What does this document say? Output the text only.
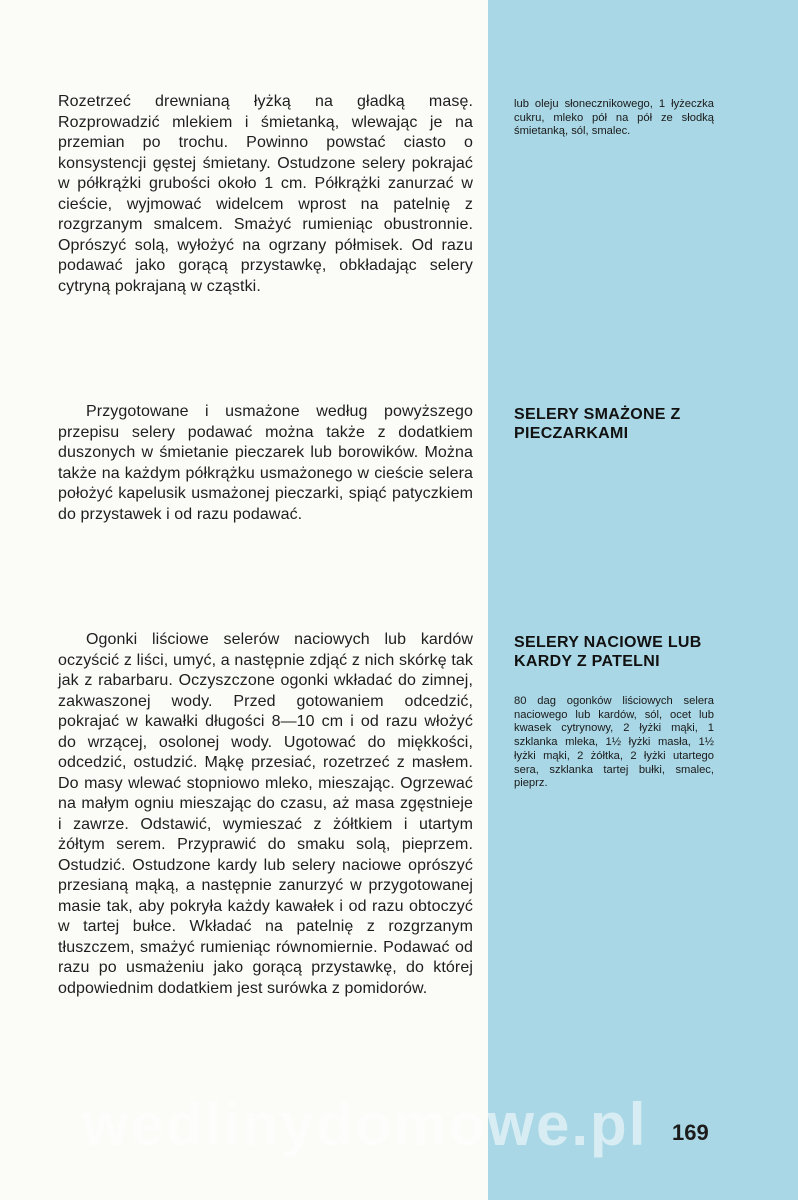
Rozetrzeć drewnianą łyżką na gładką masę. Rozprowadzić mlekiem i śmietanką, wlewając je na przemian po trochu. Powinno powstać ciasto o konsystencji gęstej śmietany. Ostudzone selery pokrajać w półkrążki grubości około 1 cm. Półkrążki zanurzać w cieście, wyjmować widelcem wprost na patelnię z rozgrzanym smalcem. Smażyć rumieniąc obustronnie. Oprószyć solą, wyłożyć na ogrzany półmisek. Od razu podawać jako gorącą przystawkę, obkładając selery cytryną pokrajaną w cząstki.

Przygotowane i usmażone według powyższego przepisu selery podawać można także z dodatkiem duszonych w śmietanie pieczarek lub borowików. Można także na każdym półkrążku usmażonego w cieście selera położyć kapelusik usmażonej pieczarki, spiąć patyczkiem do przystawek i od razu podawać.

Ogonki liściowe selerów naciowych lub kardów oczyścić z liści, umyć, a następnie zdjąć z nich skórkę tak jak z rabarbaru. Oczyszczone ogonki wkładać do zimnej, zakwaszonej wody. Przed gotowaniem odcedzić, pokrajać w kawałki długości 8—10 cm i od razu włożyć do wrzącej, osolonej wody. Ugotować do miękkości, odcedzić, ostudzić. Mąkę przesiać, rozetrzeć z masłem. Do masy wlewać stopniowo mleko, mieszając. Ogrzewać na małym ogniu mieszając do czasu, aż masa zgęstnieje i zawrze. Odstawić, wymieszać z żółtkiem i utartym żółtym serem. Przyprawić do smaku solą, pieprzem. Ostudzić. Ostudzone kardy lub selery naciowe oprószyć przesianą mąką, a następnie zanurzyć w przygotowanej masie tak, aby pokryła każdy kawałek i od razu obtoczyć w tartej bułce. Wkładać na patelnię z rozgrzanym tłuszczem, smażyć rumieniąc równomiernie. Podawać od razu po usmażeniu jako gorącą przystawkę, do której odpowiednim dodatkiem jest surówka z pomidorów.

lub oleju słonecznikowego, 1 łyżeczka cukru, mleko pół na pół ze słodką śmietanką, sól, smalec.

SELERY SMAŻONE Z PIECZARKAMI
SELERY NACIOWE LUB KARDY Z PATELNI

80 dag ogonków liściowych selera naciowego lub kardów, sól, ocet lub kwasek cytrynowy, 2 łyżki mąki, 1 szklanka mleka, 1½ łyżki masła, 1½ łyżki mąki, 2 żółtka, 2 łyżki utartego sera, szklanka tartej bułki, smalec, pieprz.

wedlinydomowe.pl 169
